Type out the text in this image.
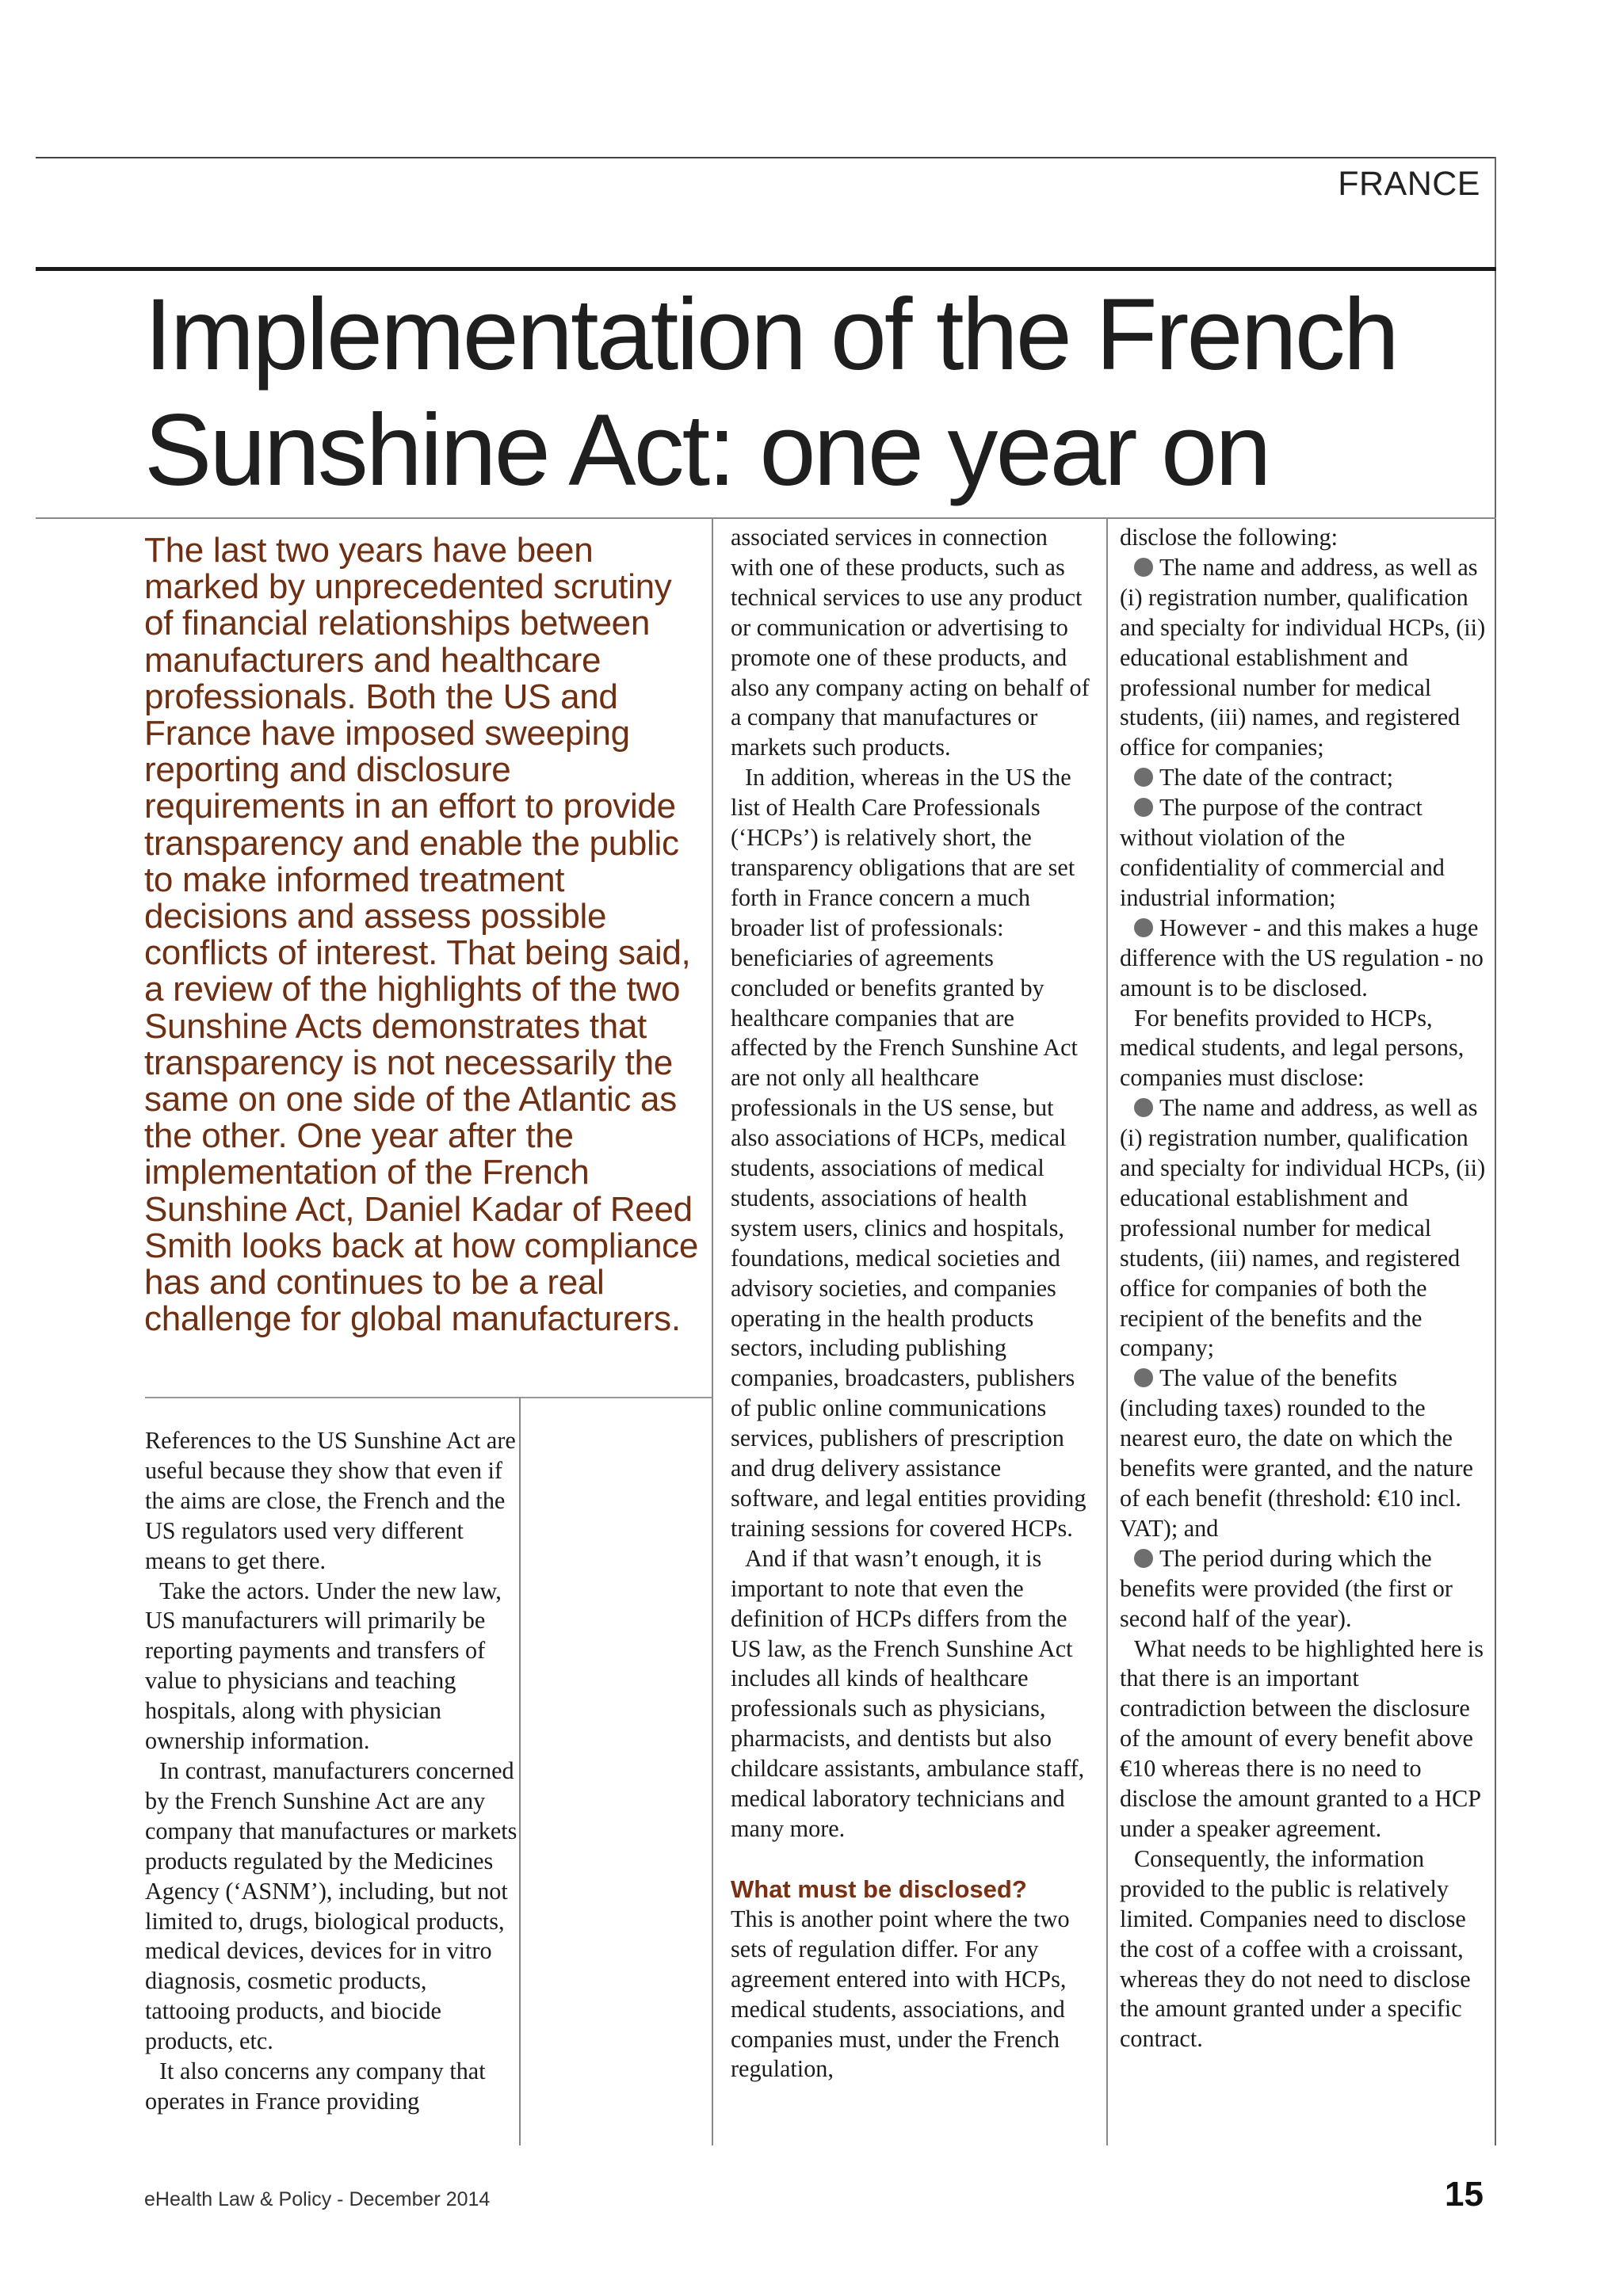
FRANCE
Implementation of the French
Sunshine Act: one year on

The last two years have been marked by unprecedented scrutiny of financial relationships between manufacturers and healthcare professionals. Both the US and France have imposed sweeping reporting and disclosure requirements in an effort to provide transparency and enable the public to make informed treatment decisions and assess possible conflicts of interest. That being said, a review of the highlights of the two Sunshine Acts demonstrates that transparency is not necessarily the same on one side of the Atlantic as the other. One year after the implementation of the French Sunshine Act, Daniel Kadar of Reed Smith looks back at how compliance has and continues to be a real challenge for global manufacturers.

References to the US Sunshine Act are useful because they show that even if the aims are close, the French and the US regulators used very different means to get there.

Take the actors. Under the new law, US manufacturers will primarily be reporting payments and transfers of value to physicians and teaching hospitals, along with physician ownership information.

In contrast, manufacturers concerned by the French Sunshine Act are any company that manufactures or markets products regulated by the Medicines Agency (‘ASNM’), including, but not limited to, drugs, biological products, medical devices, devices for in vitro diagnosis, cosmetic products, tattooing products, and biocide products, etc.

It also concerns any company that operates in France providing

associated services in connection with one of these products, such as technical services to use any product or communication or advertising to promote one of these products, and also any company acting on behalf of a company that manufactures or markets such products.

In addition, whereas in the US the list of Health Care Professionals (‘HCPs’) is relatively short, the transparency obligations that are set forth in France concern a much broader list of professionals: beneficiaries of agreements concluded or benefits granted by healthcare companies that are affected by the French Sunshine Act are not only all healthcare professionals in the US sense, but also associations of HCPs, medical students, associations of medical students, associations of health system users, clinics and hospitals, foundations, medical societies and advisory societies, and companies operating in the health products sectors, including publishing companies, broadcasters, publishers of public online communications services, publishers of prescription and drug delivery assistance software, and legal entities providing training sessions for covered HCPs.

And if that wasn’t enough, it is important to note that even the definition of HCPs differs from the US law, as the French Sunshine Act includes all kinds of healthcare professionals such as physicians, pharmacists, and dentists but also childcare assistants, ambulance staff, medical laboratory technicians and many more.

What must be disclosed?

This is another point where the two sets of regulation differ. For any agreement entered into with HCPs, medical students, associations, and companies must, under the French regulation,

disclose the following:

The name and address, as well as (i) registration number, qualification and specialty for individual HCPs, (ii) educational establishment and professional number for medical students, (iii) names, and registered office for companies;

The date of the contract;

The purpose of the contract without violation of the confidentiality of commercial and industrial information;

However - and this makes a huge difference with the US regulation - no amount is to be disclosed.

For benefits provided to HCPs, medical students, and legal persons, companies must disclose:

The name and address, as well as (i) registration number, qualification and specialty for individual HCPs, (ii) educational establishment and professional number for medical students, (iii) names, and registered office for companies of both the recipient of the benefits and the company;

The value of the benefits (including taxes) rounded to the nearest euro, the date on which the benefits were granted, and the nature of each benefit (threshold: €10 incl. VAT); and

The period during which the benefits were provided (the first or second half of the year).

What needs to be highlighted here is that there is an important contradiction between the disclosure of the amount of every benefit above €10 whereas there is no need to disclose the amount granted to a HCP under a speaker agreement.

Consequently, the information provided to the public is relatively limited. Companies need to disclose the cost of a coffee with a croissant, whereas they do not need to disclose the amount granted under a specific contract.

eHealth Law & Policy - December 2014	15
